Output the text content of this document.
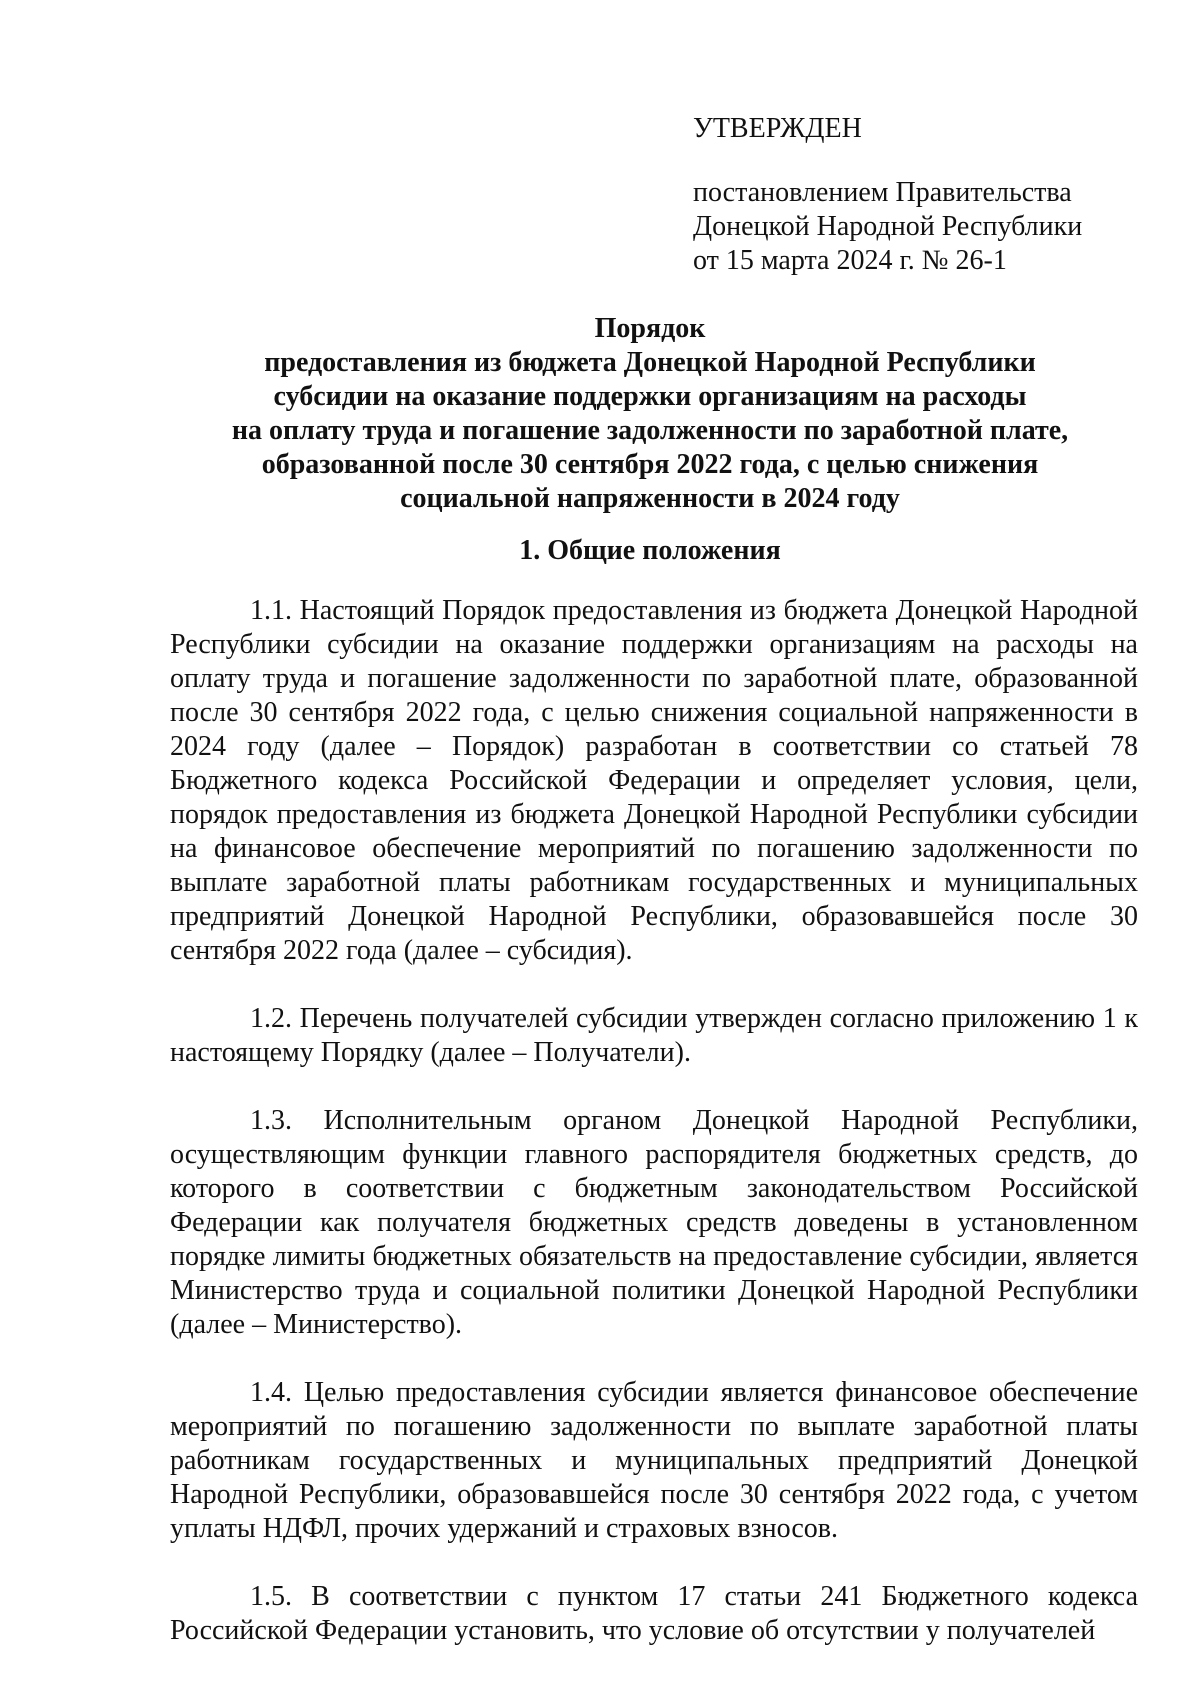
УТВЕРЖДЕН
постановлением Правительства
Донецкой Народной Республики
от 15 марта 2024 г. № 26-1
Порядок
предоставления из бюджета Донецкой Народной Республики
субсидии на оказание поддержки организациям на расходы
на оплату труда и погашение задолженности по заработной плате,
образованной после 30 сентября 2022 года, с целью снижения
социальной напряженности в 2024 году
1. Общие положения

1.1. Настоящий Порядок предоставления из бюджета Донецкой Народной Республики субсидии на оказание поддержки организациям на расходы на оплату труда и погашение задолженности по заработной плате, образованной после 30 сентября 2022 года, с целью снижения социальной напряженности в 2024 году (далее – Порядок) разработан в соответствии со статьей 78 Бюджетного кодекса Российской Федерации и определяет условия, цели, порядок предоставления из бюджета Донецкой Народной Республики субсидии на финансовое обеспечение мероприятий по погашению задолженности по выплате заработной платы работникам государственных и муниципальных предприятий Донецкой Народной Республики, образовавшейся после 30 сентября 2022 года (далее – субсидия).

1.2. Перечень получателей субсидии утвержден согласно приложению 1 к настоящему Порядку (далее – Получатели).

1.3. Исполнительным органом Донецкой Народной Республики, осуществляющим функции главного распорядителя бюджетных средств, до которого в соответствии с бюджетным законодательством Российской Федерации как получателя бюджетных средств доведены в установленном порядке лимиты бюджетных обязательств на предоставление субсидии, является Министерство труда и социальной политики Донецкой Народной Республики (далее – Министерство).

1.4. Целью предоставления субсидии является финансовое обеспечение мероприятий по погашению задолженности по выплате заработной платы работникам государственных и муниципальных предприятий Донецкой Народной Республики, образовавшейся после 30 сентября 2022 года, с учетом уплаты НДФЛ, прочих удержаний и страховых взносов.

1.5. В соответствии с пунктом 17 статьи 241 Бюджетного кодекса Российской Федерации установить, что условие об отсутствии у получателей
